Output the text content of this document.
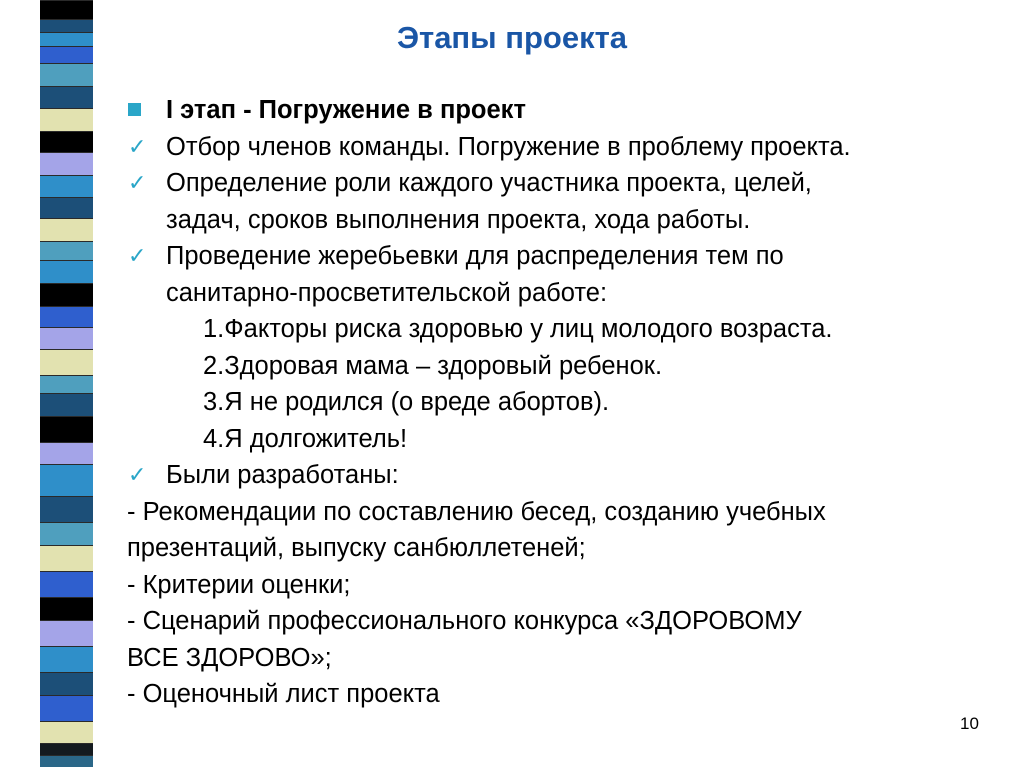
Этапы проекта
I этап - Погружение в проект
✓ Отбор членов команды. Погружение в проблему проекта.
✓ Определение роли каждого участника проекта, целей,
задач, сроков выполнения проекта, хода работы.
✓ Проведение жеребьевки для распределения тем по
санитарно-просветительской работе:
1.Факторы риска здоровью у лиц молодого возраста.
2.Здоровая мама – здоровый ребенок.
3.Я не родился (о вреде абортов).
4.Я долгожитель!
✓ Были разработаны:
- Рекомендации по составлению бесед, созданию учебных
презентаций, выпуску санбюллетеней;
- Критерии оценки;
- Сценарий профессионального конкурса «ЗДОРОВОМУ
ВСЕ ЗДОРОВО»;
- Оценочный лист проекта
10
